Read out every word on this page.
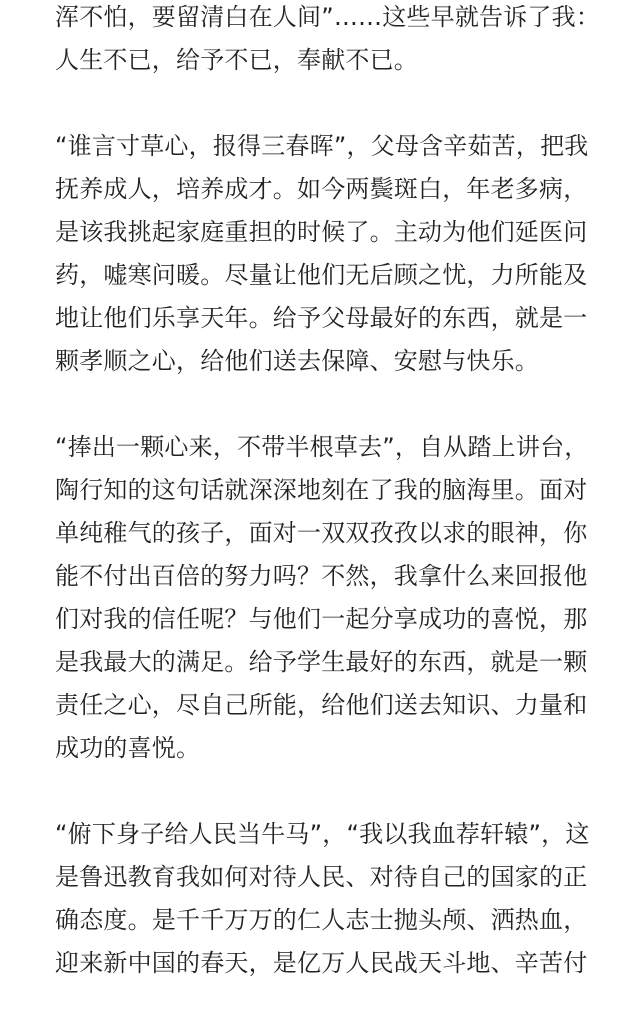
浑不怕，要留清白在人间”……这些早就告诉了我：
人生不已，给予不已，奉献不已。

“谁言寸草心，报得三春晖”，父母含辛茹苦，把我
抚养成人，培养成才。如今两鬓斑白，年老多病，
是该我挑起家庭重担的时候了。主动为他们延医问
药，嘘寒问暖。尽量让他们无后顾之忧，力所能及
地让他们乐享天年。给予父母最好的东西，就是一
颗孝顺之心，给他们送去保障、安慰与快乐。

“捧出一颗心来，不带半根草去”，自从踏上讲台，
陶行知的这句话就深深地刻在了我的脑海里。面对
单纯稚气的孩子，面对一双双孜孜以求的眼神，你
能不付出百倍的努力吗？不然，我拿什么来回报他
们对我的信任呢？与他们一起分享成功的喜悦，那
是我最大的满足。给予学生最好的东西，就是一颗
责任之心，尽自己所能，给他们送去知识、力量和
成功的喜悦。

“俯下身子给人民当牛马”，“我以我血荐轩辕”，这
是鲁迅教育我如何对待人民、对待自己的国家的正
确态度。是千千万万的仁人志士抛头颅、洒热血，
迎来新中国的春天，是亿万人民战天斗地、辛苦付
